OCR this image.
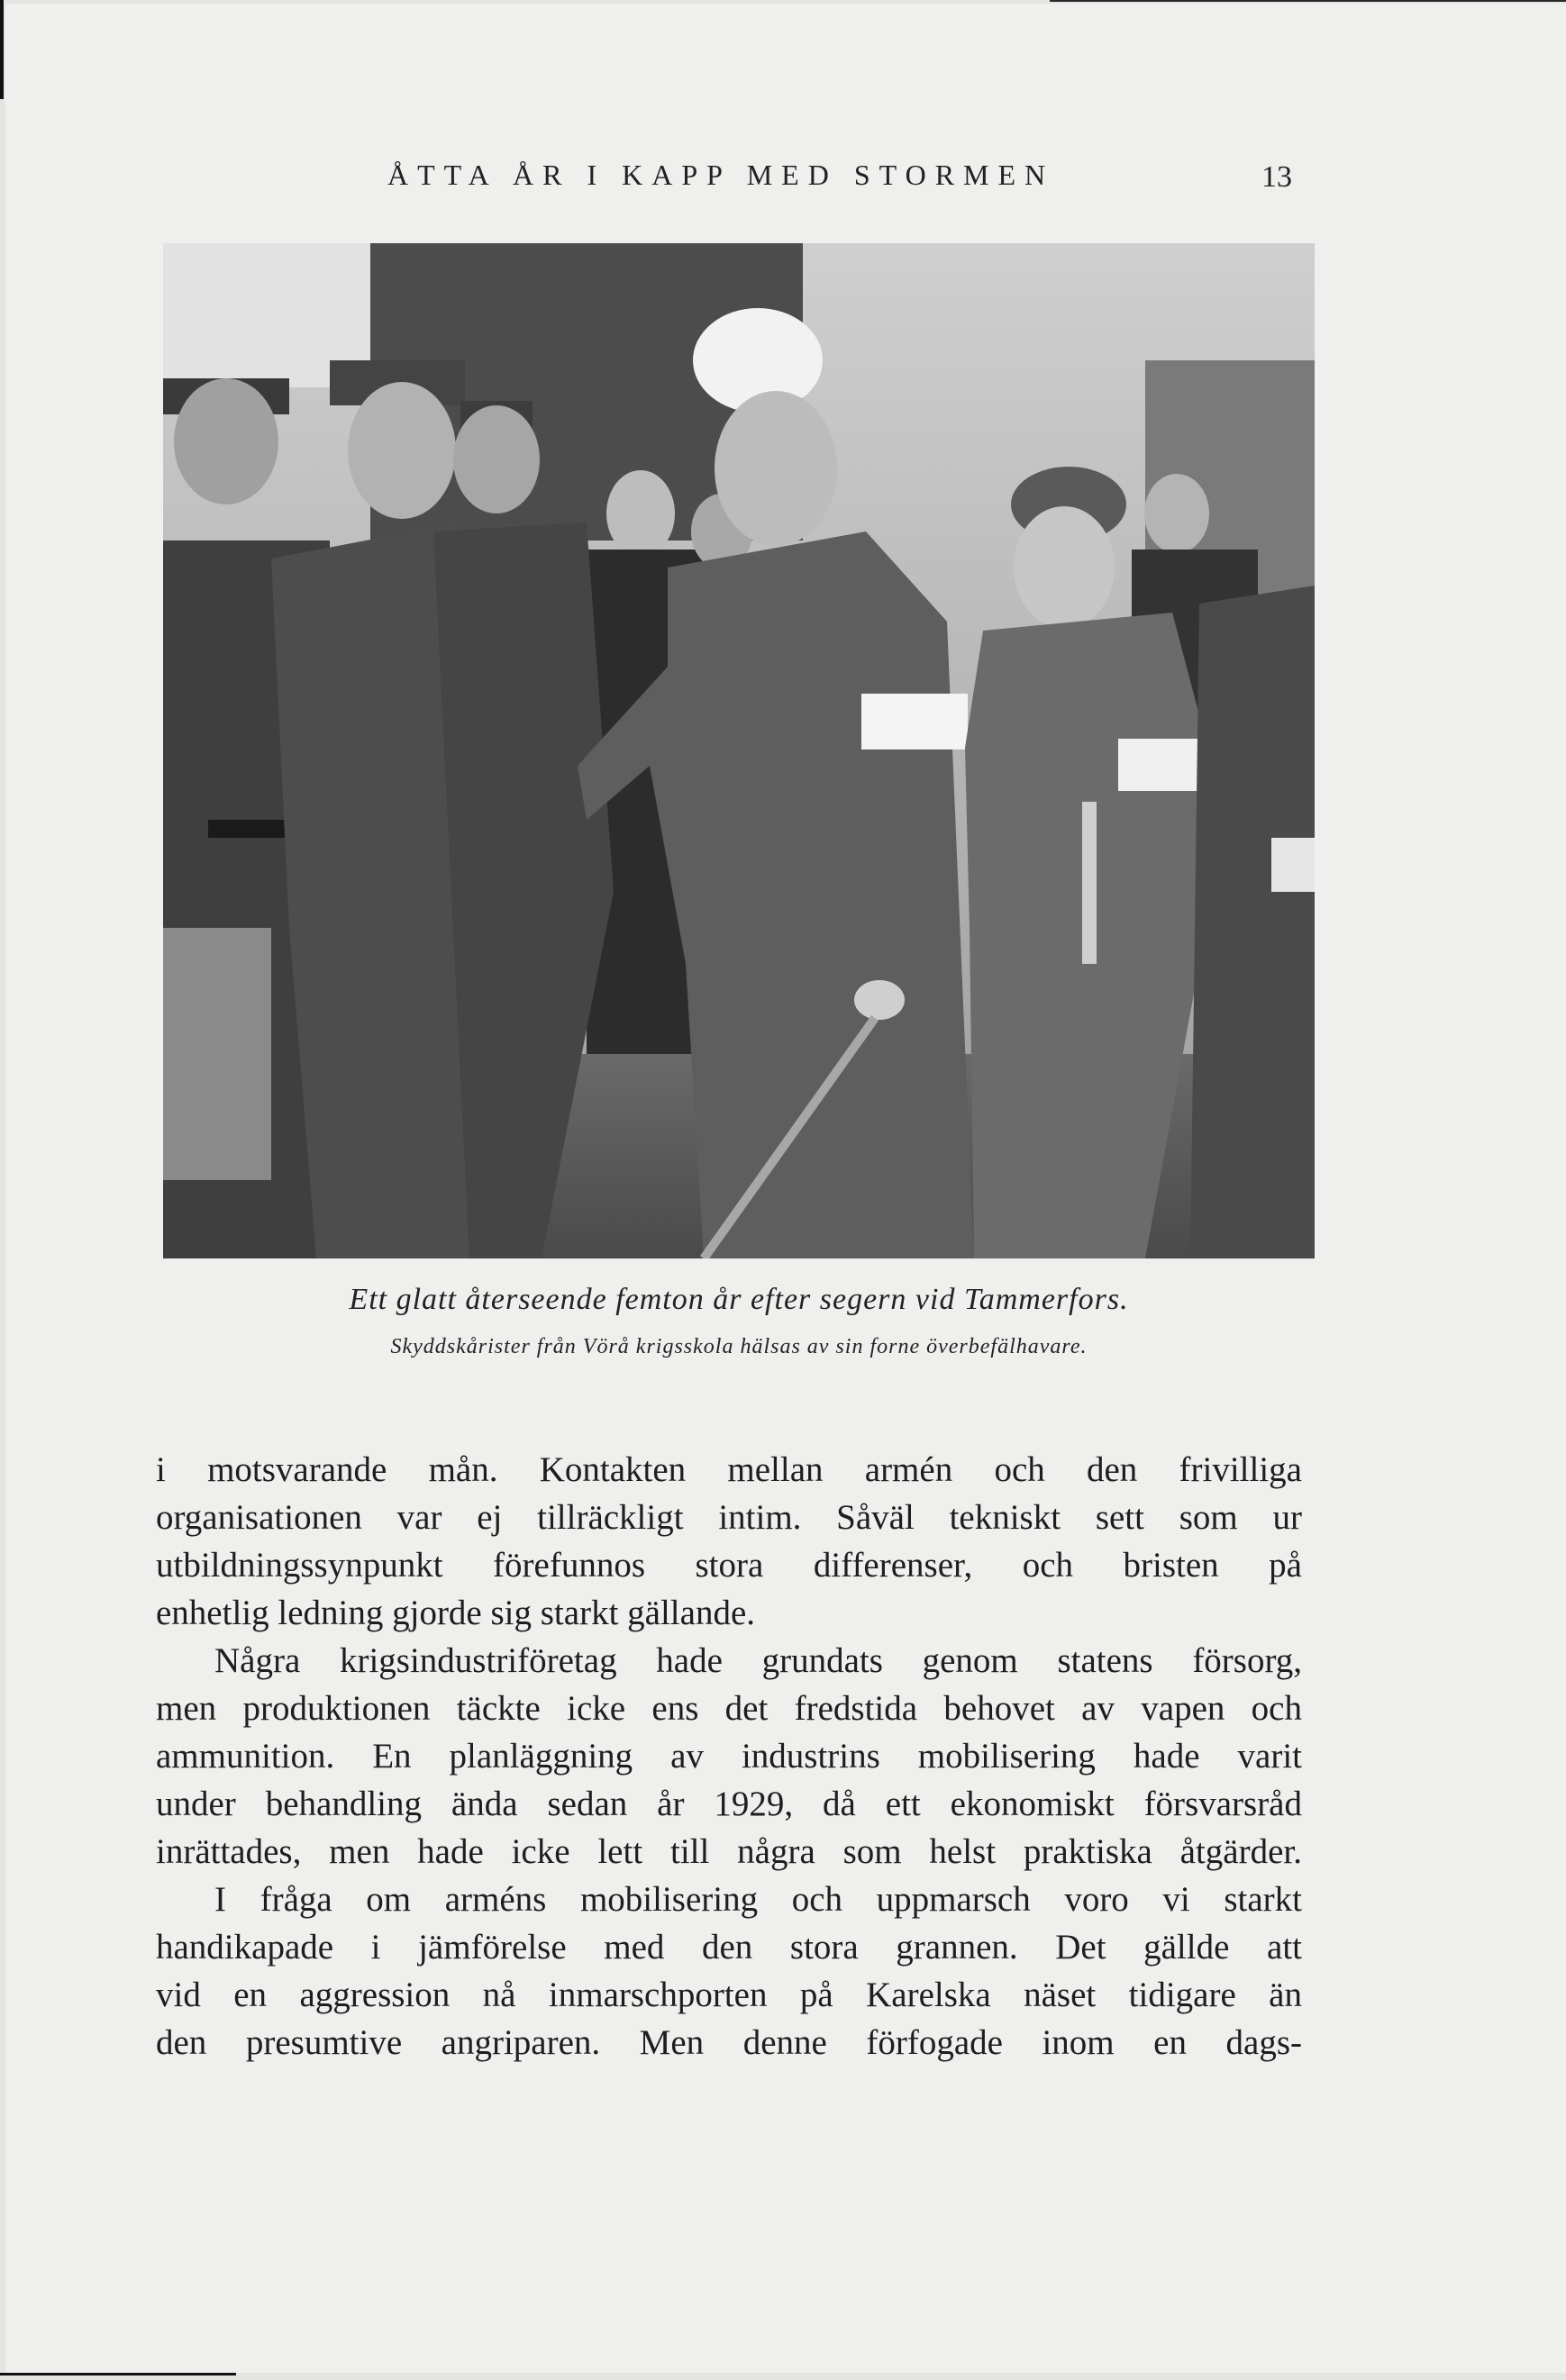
ÅTTA ÅR I KAPP MED STORMEN	13
Ett glatt återseende femton år efter segern vid Tammerfors.
Skyddskårister från Vörå krigsskola hälsas av sin forne överbefälhavare.
i motsvarande mån. Kontakten mellan armén och den frivilliga
organisationen var ej tillräckligt intim. Såväl tekniskt sett som ur
utbildningssynpunkt förefunnos stora differenser, och bristen på
enhetlig ledning gjorde sig starkt gällande.
Några krigsindustriföretag hade grundats genom statens försorg,
men produktionen täckte icke ens det fredstida behovet av vapen och
ammunition. En planläggning av industrins mobilisering hade varit
under behandling ända sedan år 1929, då ett ekonomiskt försvarsråd
inrättades, men hade icke lett till några som helst praktiska åtgärder.
I fråga om arméns mobilisering och uppmarsch voro vi starkt
handikapade i jämförelse med den stora grannen. Det gällde att
vid en aggression nå inmarschporten på Karelska näset tidigare än
den presumtive angriparen. Men denne förfogade inom en dags-
